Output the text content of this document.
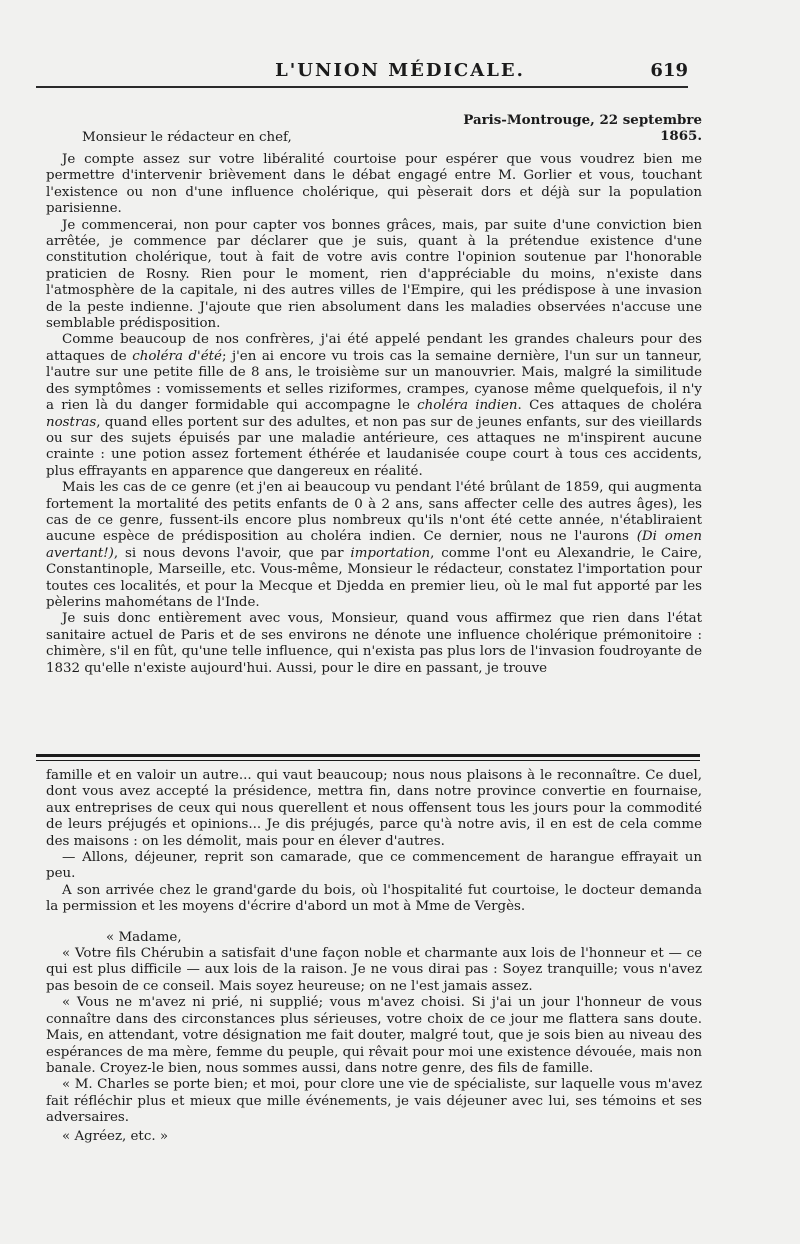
L'UNION MÉDICALE.	619
Paris-Montrouge, 22 septembre 1865.
Monsieur le rédacteur en chef,

Je compte assez sur votre libéralité courtoise pour espérer que vous voudrez bien me permettre d'intervenir brièvement dans le débat engagé entre M. Gorlier et vous, touchant l'existence ou non d'une influence cholérique, qui pèserait dors et déjà sur la population parisienne.

Je commencerai, non pour capter vos bonnes grâces, mais, par suite d'une conviction bien arrêtée, je commence par déclarer que je suis, quant à la prétendue existence d'une constitution cholérique, tout à fait de votre avis contre l'opinion soutenue par l'honorable praticien de Rosny. Rien pour le moment, rien d'appréciable du moins, n'existe dans l'atmosphère de la capitale, ni des autres villes de l'Empire, qui les prédispose à une invasion de la peste indienne. J'ajoute que rien absolument dans les maladies observées n'accuse une semblable prédisposition.

Comme beaucoup de nos confrères, j'ai été appelé pendant les grandes chaleurs pour des attaques de choléra d'été; j'en ai encore vu trois cas la semaine dernière, l'un sur un tanneur, l'autre sur une petite fille de 8 ans, le troisième sur un manouvrier. Mais, malgré la similitude des symptômes : vomissements et selles riziformes, crampes, cyanose même quelquefois, il n'y a rien là du danger formidable qui accompagne le choléra indien. Ces attaques de choléra nostras, quand elles portent sur des adultes, et non pas sur de jeunes enfants, sur des vieillards ou sur des sujets épuisés par une maladie antérieure, ces attaques ne m'inspirent aucune crainte : une potion assez fortement éthérée et laudanisée coupe court à tous ces accidents, plus effrayants en apparence que dangereux en réalité.

Mais les cas de ce genre (et j'en ai beaucoup vu pendant l'été brûlant de 1859, qui augmenta fortement la mortalité des petits enfants de 0 à 2 ans, sans affecter celle des autres âges), les cas de ce genre, fussent-ils encore plus nombreux qu'ils n'ont été cette année, n'établiraient aucune espèce de prédisposition au choléra indien. Ce dernier, nous ne l'aurons (Di omen avertant!), si nous devons l'avoir, que par importation, comme l'ont eu Alexandrie, le Caire, Constantinople, Marseille, etc. Vous-même, Monsieur le rédacteur, constatez l'importation pour toutes ces localités, et pour la Mecque et Djedda en premier lieu, où le mal fut apporté par les pèlerins mahométans de l'Inde.

Je suis donc entièrement avec vous, Monsieur, quand vous affirmez que rien dans l'état sanitaire actuel de Paris et de ses environs ne dénote une influence cholérique prémonitoire : chimère, s'il en fût, qu'une telle influence, qui n'exista pas plus lors de l'invasion foudroyante de 1832 qu'elle n'existe aujourd'hui. Aussi, pour le dire en passant, je trouve

famille et en valoir un autre... qui vaut beaucoup; nous nous plaisons à le reconnaître. Ce duel, dont vous avez accepté la présidence, mettra fin, dans notre province convertie en fournaise, aux entreprises de ceux qui nous querellent et nous offensent tous les jours pour la commodité de leurs préjugés et opinions... Je dis préjugés, parce qu'à notre avis, il en est de cela comme des maisons : on les démolit, mais pour en élever d'autres.

— Allons, déjeuner, reprit son camarade, que ce commencement de harangue effrayait un peu.

A son arrivée chez le grand'garde du bois, où l'hospitalité fut courtoise, le docteur demanda la permission et les moyens d'écrire d'abord un mot à Mme de Vergès.

« Madame,

« Votre fils Chérubin a satisfait d'une façon noble et charmante aux lois de l'honneur et — ce qui est plus difficile — aux lois de la raison. Je ne vous dirai pas : Soyez tranquille; vous n'avez pas besoin de ce conseil. Mais soyez heureuse; on ne l'est jamais assez.

« Vous ne m'avez ni prié, ni supplié; vous m'avez choisi. Si j'ai un jour l'honneur de vous connaître dans des circonstances plus sérieuses, votre choix de ce jour me flattera sans doute. Mais, en attendant, votre désignation me fait douter, malgré tout, que je sois bien au niveau des espérances de ma mère, femme du peuple, qui rêvait pour moi une existence dévouée, mais non banale. Croyez-le bien, nous sommes aussi, dans notre genre, des fils de famille.

« M. Charles se porte bien; et moi, pour clore une vie de spécialiste, sur laquelle vous m'avez fait réfléchir plus et mieux que mille événements, je vais déjeuner avec lui, ses témoins et ses adversaires.

« Agréez, etc. »
